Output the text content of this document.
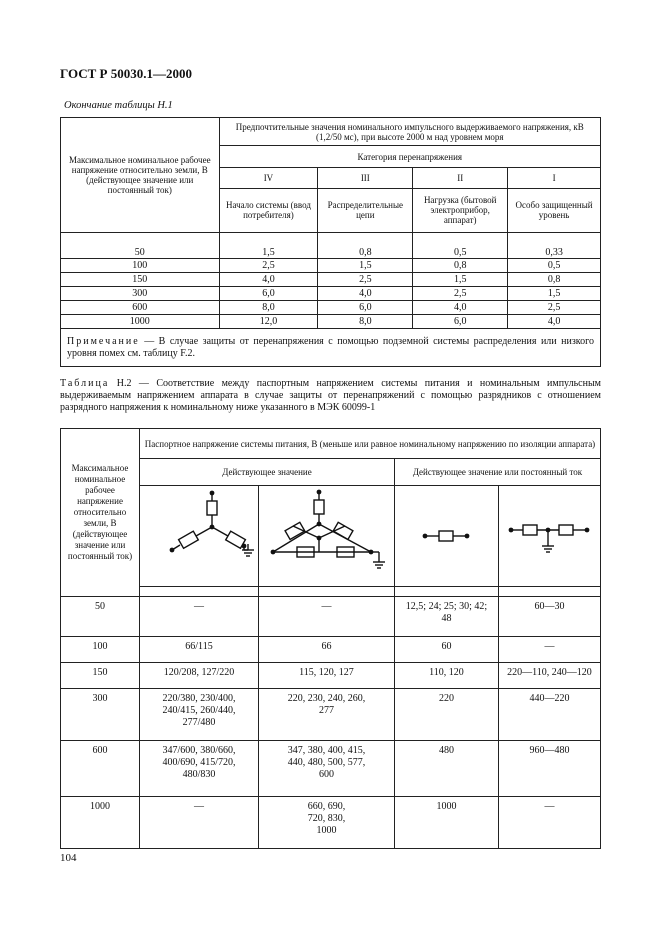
ГОСТ Р 50030.1—2000
Окончание таблицы Н.1
Максимальное номинальное рабочее напряжение относительно земли, В (действующее значение или постоянный ток)	Предпочтительные значения номинального импульсного выдерживаемого напряжения, кВ (1,2/50 мс), при высоте 2000 м над уровнем моря			
	Категория перенапряжения			
	IV	III	II	I
	Начало системы (ввод потребителя)	Распределительные цепи	Нагрузка (бытовой электроприбор, аппарат)	Особо защищенный уровень
50	1,5	0,8	0,5	0,33
100	2,5	1,5	0,8	0,5
150	4,0	2,5	1,5	0,8
300	6,0	4,0	2,5	1,5
600	8,0	6,0	4,0	2,5
1000	12,0	8,0	6,0	4,0
Примечание — В случае защиты от перенапряжения с помощью подземной системы распределения или низкого уровня помех см. таблицу F.2.				
Таблица Н.2 — Соответствие между паспортным напряжением системы питания и номинальным импульсным выдерживаемым напряжением аппарата в случае защиты от перенапряжений с помощью разрядников с отношением разрядного напряжения к номинальному ниже указанного в МЭК 60099-1
Максимальное номинальное рабочее напряжение относительно земли, В (действующее значение или постоянный ток)	Паспортное напряжение системы питания, В (меньше или равное номинальному напряжению по изоляции аппарата)			
	Действующее значение		Действующее значение или постоянный ток	

50	—	—	12,5; 24; 25; 30; 42; 48	60—30
100	66/115	66	60	—
150	120/208, 127/220	115, 120, 127	110, 120	220—110, 240—120
300	220/380, 230/400, 240/415, 260/440, 277/480	220, 230, 240, 260, 277	220	440—220
600	347/600, 380/660, 400/690, 415/720, 480/830	347, 380, 400, 415, 440, 480, 500, 577, 600	480	960—480
1000	—	660, 690, 720, 830, 1000	1000	—
104
